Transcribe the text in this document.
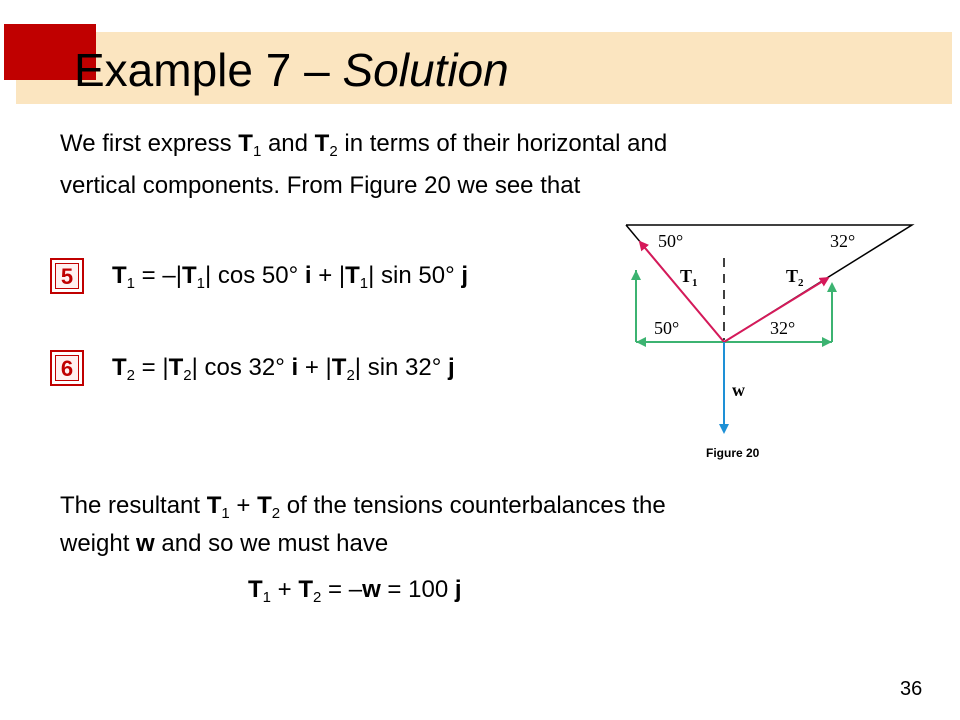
Example 7 – Solution
We first express $T_1$ and $T_2$ in terms of their horizontal and
vertical components. From Figure 20 we see that
5 $T_1 = -|T_1|$ cos 50° $i + |T_1|$ sin 50° j
6 $T_2 = |T_2|$ cos 32° $i + |T_2|$ sin 32° j
50°	32°
50°	32°
$T_1$	$T_2$
w
Figure 20
The resultant $T_1 + T_2$ of the tensions counterbalances the
weight w and so we must have
$T_1 + T_2 = -w = 100$ j
36
